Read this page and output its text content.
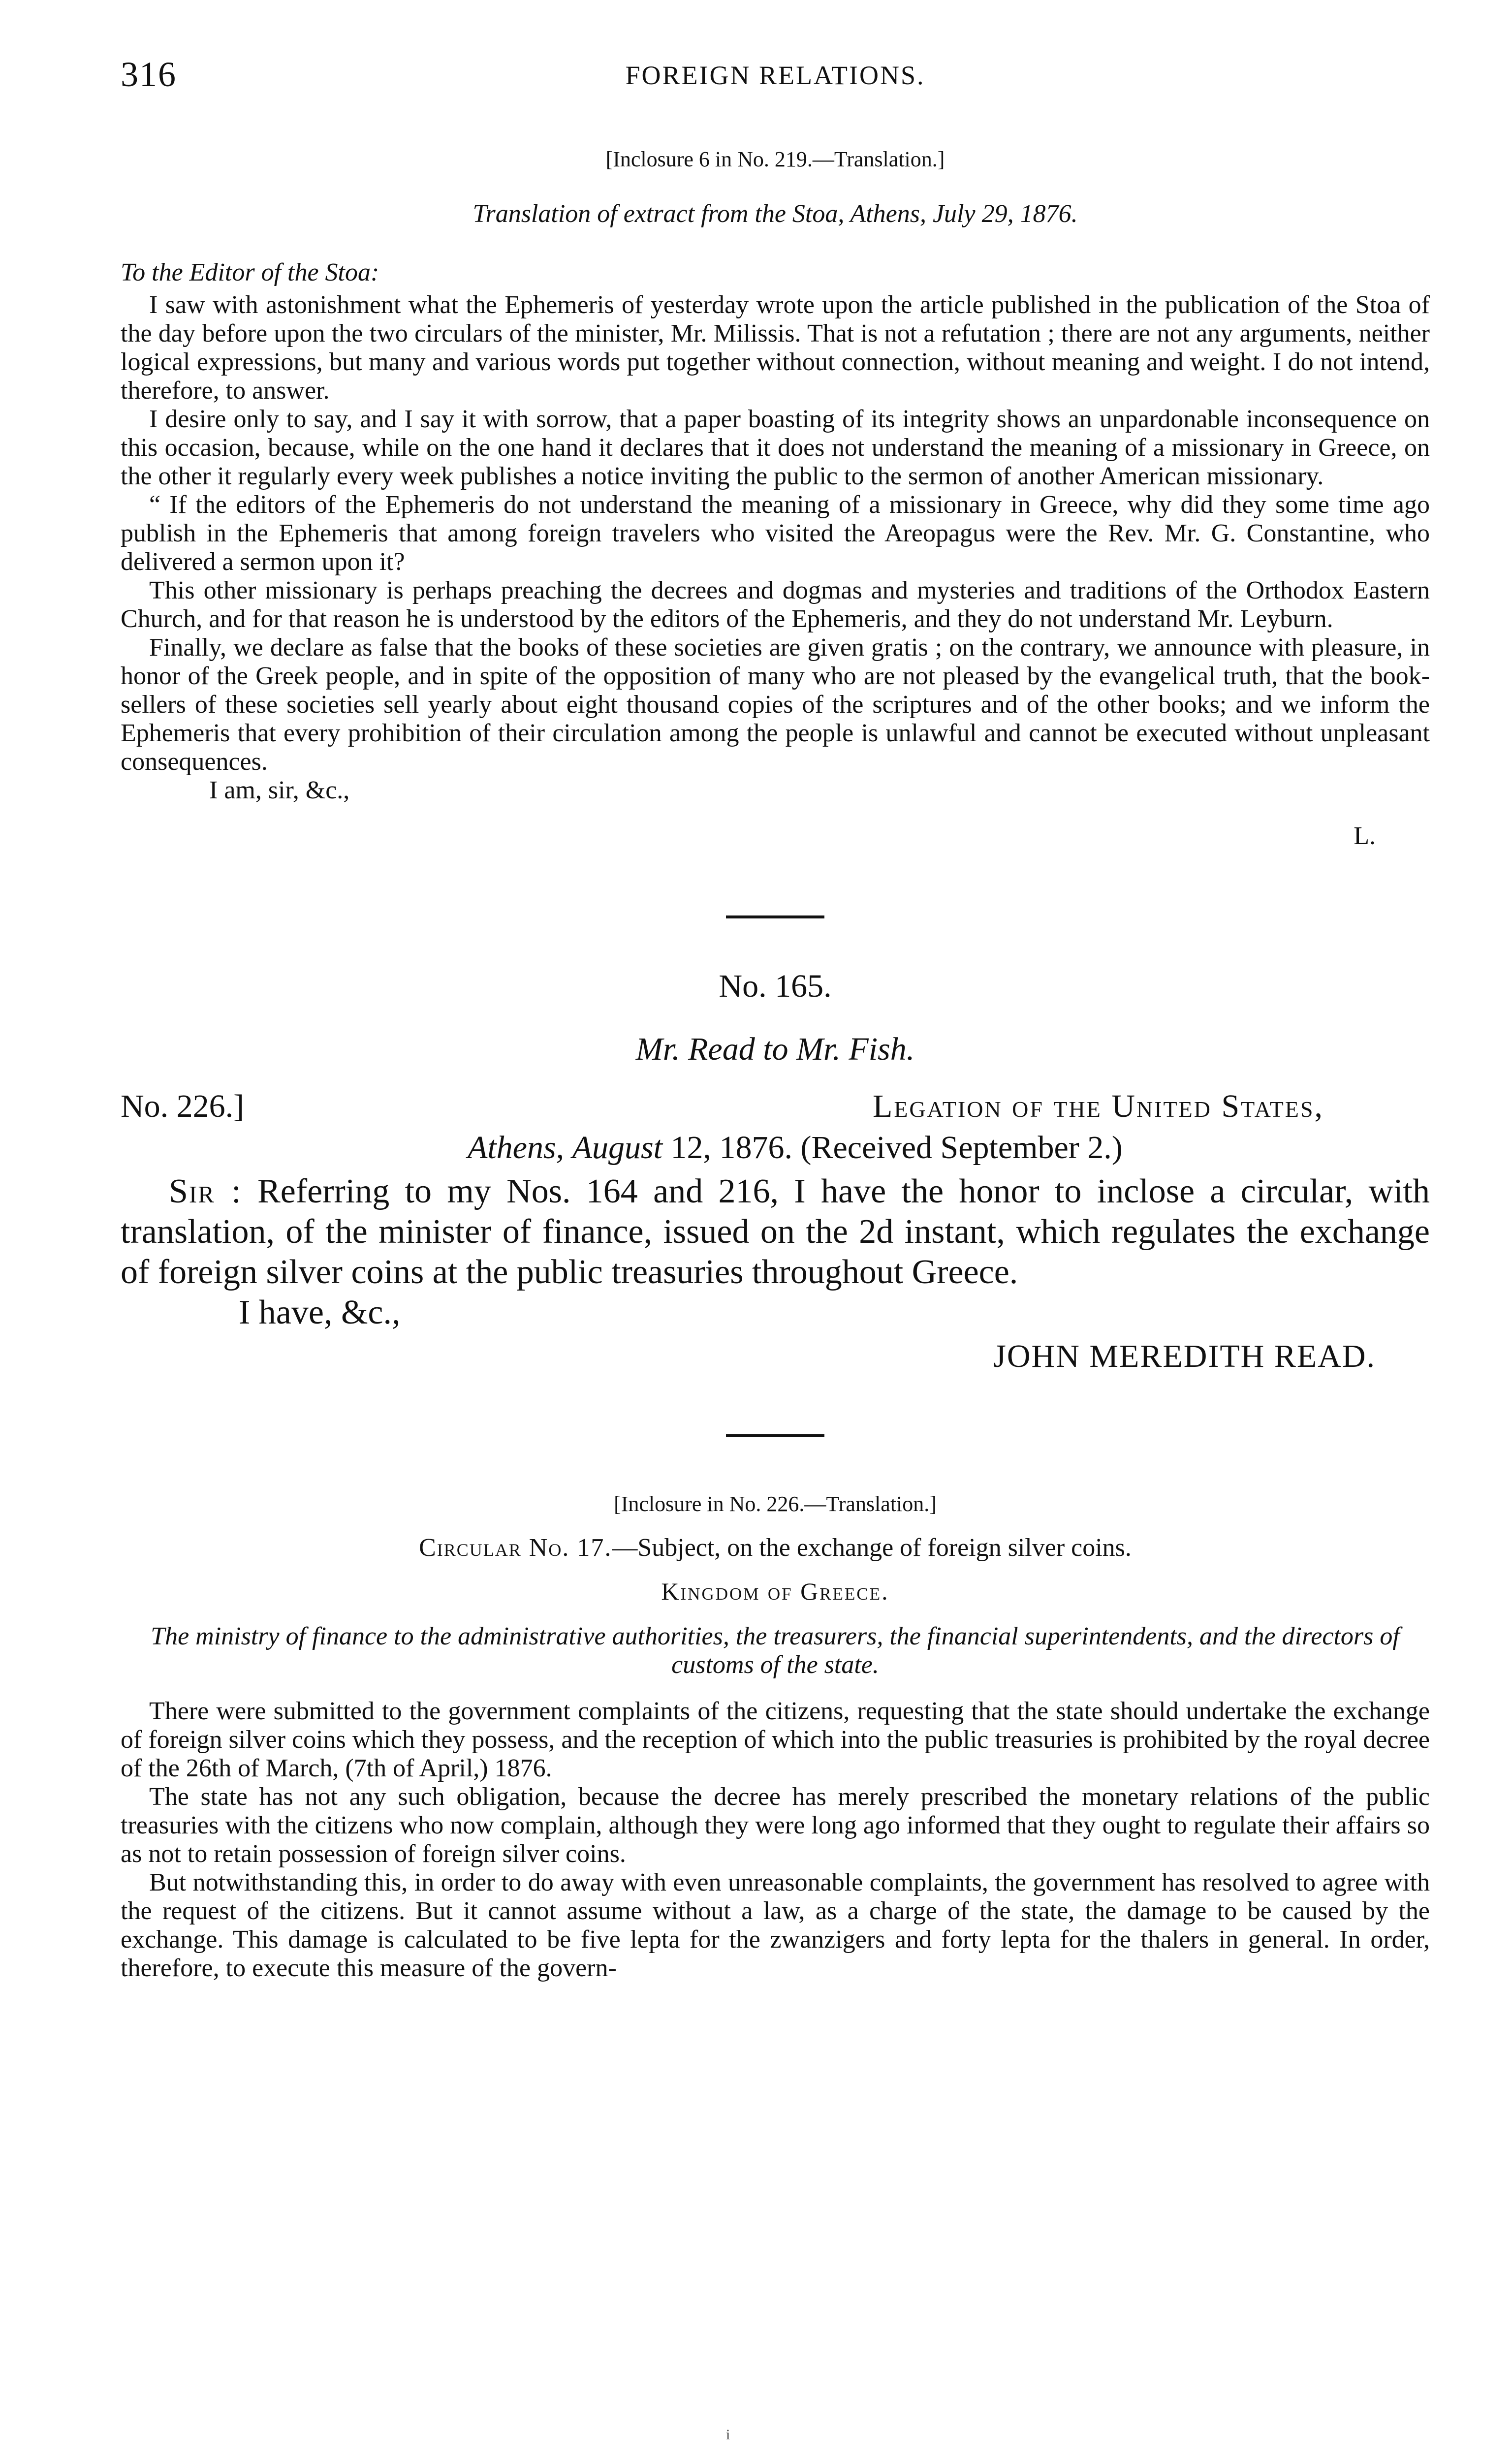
316	FOREIGN RELATIONS.
[Inclosure 6 in No. 219.—Translation.]
Translation of extract from the Stoa, Athens, July 29, 1876.
To the Editor of the Stoa:

I saw with astonishment what the Ephemeris of yesterday wrote upon the article published in the publication of the Stoa of the day before upon the two circulars of the minister, Mr. Milissis. That is not a refutation ; there are not any arguments, neither logical expressions, but many and various words put together without connection, without meaning and weight. I do not intend, therefore, to answer.

I desire only to say, and I say it with sorrow, that a paper boasting of its integrity shows an unpardonable inconsequence on this occasion, because, while on the one hand it declares that it does not understand the meaning of a missionary in Greece, on the other it regularly every week publishes a notice inviting the public to the sermon of another American missionary.

“ If the editors of the Ephemeris do not understand the meaning of a missionary in Greece, why did they some time ago publish in the Ephemeris that among foreign travelers who visited the Areopagus were the Rev. Mr. G. Constantine, who delivered a sermon upon it?

This other missionary is perhaps preaching the decrees and dogmas and mysteries and traditions of the Orthodox Eastern Church, and for that reason he is understood by the editors of the Ephemeris, and they do not understand Mr. Leyburn.

Finally, we declare as false that the books of these societies are given gratis ; on the contrary, we announce with pleasure, in honor of the Greek people, and in spite of the opposition of many who are not pleased by the evangelical truth, that the book-sellers of these societies sell yearly about eight thousand copies of the scriptures and of the other books; and we inform the Ephemeris that every prohibition of their circulation among the people is unlawful and cannot be executed without unpleasant consequences.

I am, sir, &c.,
L.
No. 165.
Mr. Read to Mr. Fish.
No. 226.]	Legation of the United States,
Athens, August 12, 1876. (Received September 2.)

Sir : Referring to my Nos. 164 and 216, I have the honor to inclose a circular, with translation, of the minister of finance, issued on the 2d instant, which regulates the exchange of foreign silver coins at the public treasuries throughout Greece.

I have, &c.,
JOHN MEREDITH READ.
[Inclosure in No. 226.—Translation.]
Circular No. 17.—Subject, on the exchange of foreign silver coins.
Kingdom of Greece.
The ministry of finance to the administrative authorities, the treasurers, the financial superintendents, and the directors of customs of the state.

There were submitted to the government complaints of the citizens, requesting that the state should undertake the exchange of foreign silver coins which they possess, and the reception of which into the public treasuries is prohibited by the royal decree of the 26th of March, (7th of April,) 1876.

The state has not any such obligation, because the decree has merely prescribed the monetary relations of the public treasuries with the citizens who now complain, although they were long ago informed that they ought to regulate their affairs so as not to retain possession of foreign silver coins.

But notwithstanding this, in order to do away with even unreasonable complaints, the government has resolved to agree with the request of the citizens. But it cannot assume without a law, as a charge of the state, the damage to be caused by the exchange. This damage is calculated to be five lepta for the zwanzigers and forty lepta for the thalers in general. In order, therefore, to execute this measure of the govern-

i
